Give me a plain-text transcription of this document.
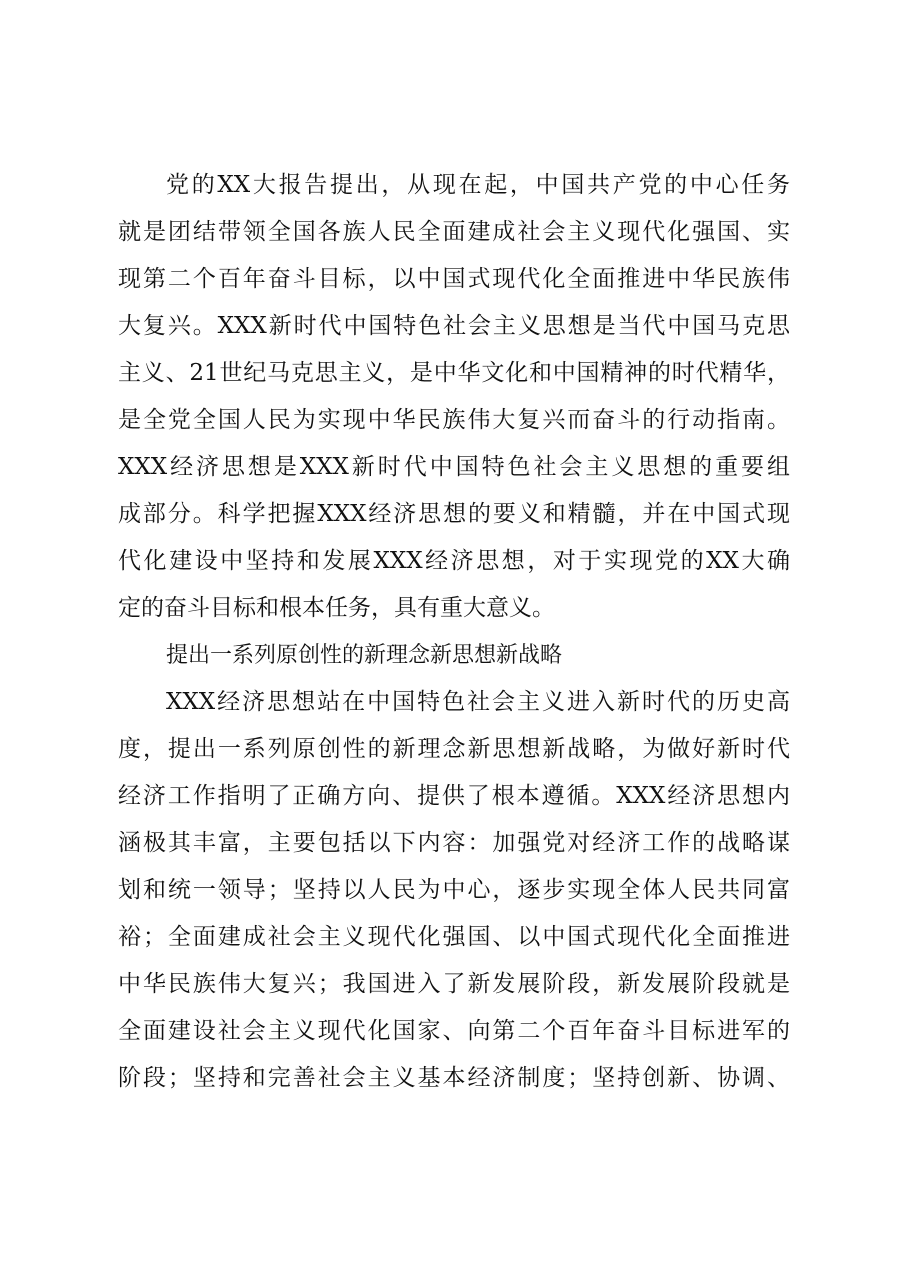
党的XX大报告提出，从现在起，中国共产党的中心任务
就是团结带领全国各族人民全面建成社会主义现代化强国、实
现第二个百年奋斗目标，以中国式现代化全面推进中华民族伟
大复兴。XXX新时代中国特色社会主义思想是当代中国马克思
主义、21世纪马克思主义，是中华文化和中国精神的时代精华，
是全党全国人民为实现中华民族伟大复兴而奋斗的行动指南。
XXX经济思想是XXX新时代中国特色社会主义思想的重要组
成部分。科学把握XXX经济思想的要义和精髓，并在中国式现
代化建设中坚持和发展XXX经济思想，对于实现党的XX大确
定的奋斗目标和根本任务，具有重大意义。
提出一系列原创性的新理念新思想新战略
XXX经济思想站在中国特色社会主义进入新时代的历史高
度，提出一系列原创性的新理念新思想新战略，为做好新时代
经济工作指明了正确方向、提供了根本遵循。XXX经济思想内
涵极其丰富，主要包括以下内容：加强党对经济工作的战略谋
划和统一领导；坚持以人民为中心，逐步实现全体人民共同富
裕；全面建成社会主义现代化强国、以中国式现代化全面推进
中华民族伟大复兴；我国进入了新发展阶段，新发展阶段就是
全面建设社会主义现代化国家、向第二个百年奋斗目标进军的
阶段；坚持和完善社会主义基本经济制度；坚持创新、协调、
